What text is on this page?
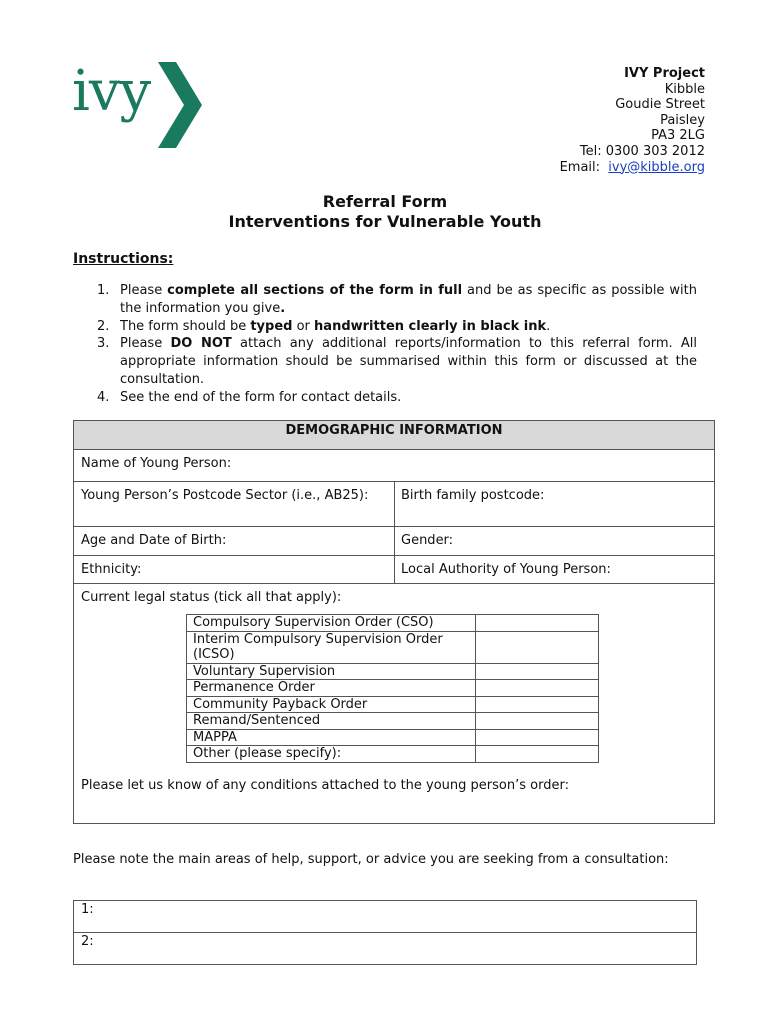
ivy	IVY Project
Kibble
Goudie Street
Paisley
PA3 2LG
Tel: 0300 303 2012
Email: ivy@kibble.org
Referral Form
Interventions for Vulnerable Youth
Instructions:
1. Please complete all sections of the form in full and be as specific as possible with the information you give.
2. The form should be typed or handwritten clearly in black ink.
3. Please DO NOT attach any additional reports/information to this referral form. All appropriate information should be summarised within this form or discussed at the consultation.
4. See the end of the form for contact details.
DEMOGRAPHIC INFORMATION
Name of Young Person:
Young Person’s Postcode Sector (i.e., AB25):	Birth family postcode:
Age and Date of Birth:	Gender:
Ethnicity:	Local Authority of Young Person:
Current legal status (tick all that apply):
Please let us know of any conditions attached to the young person’s order:
Compulsory Supervision Order (CSO)	
Interim Compulsory Supervision Order (ICSO)	
Voluntary Supervision	
Permanence Order	
Community Payback Order	
Remand/Sentenced	
MAPPA	
Other (please specify):	
Please note the main areas of help, support, or advice you are seeking from a consultation:
1:
2:
